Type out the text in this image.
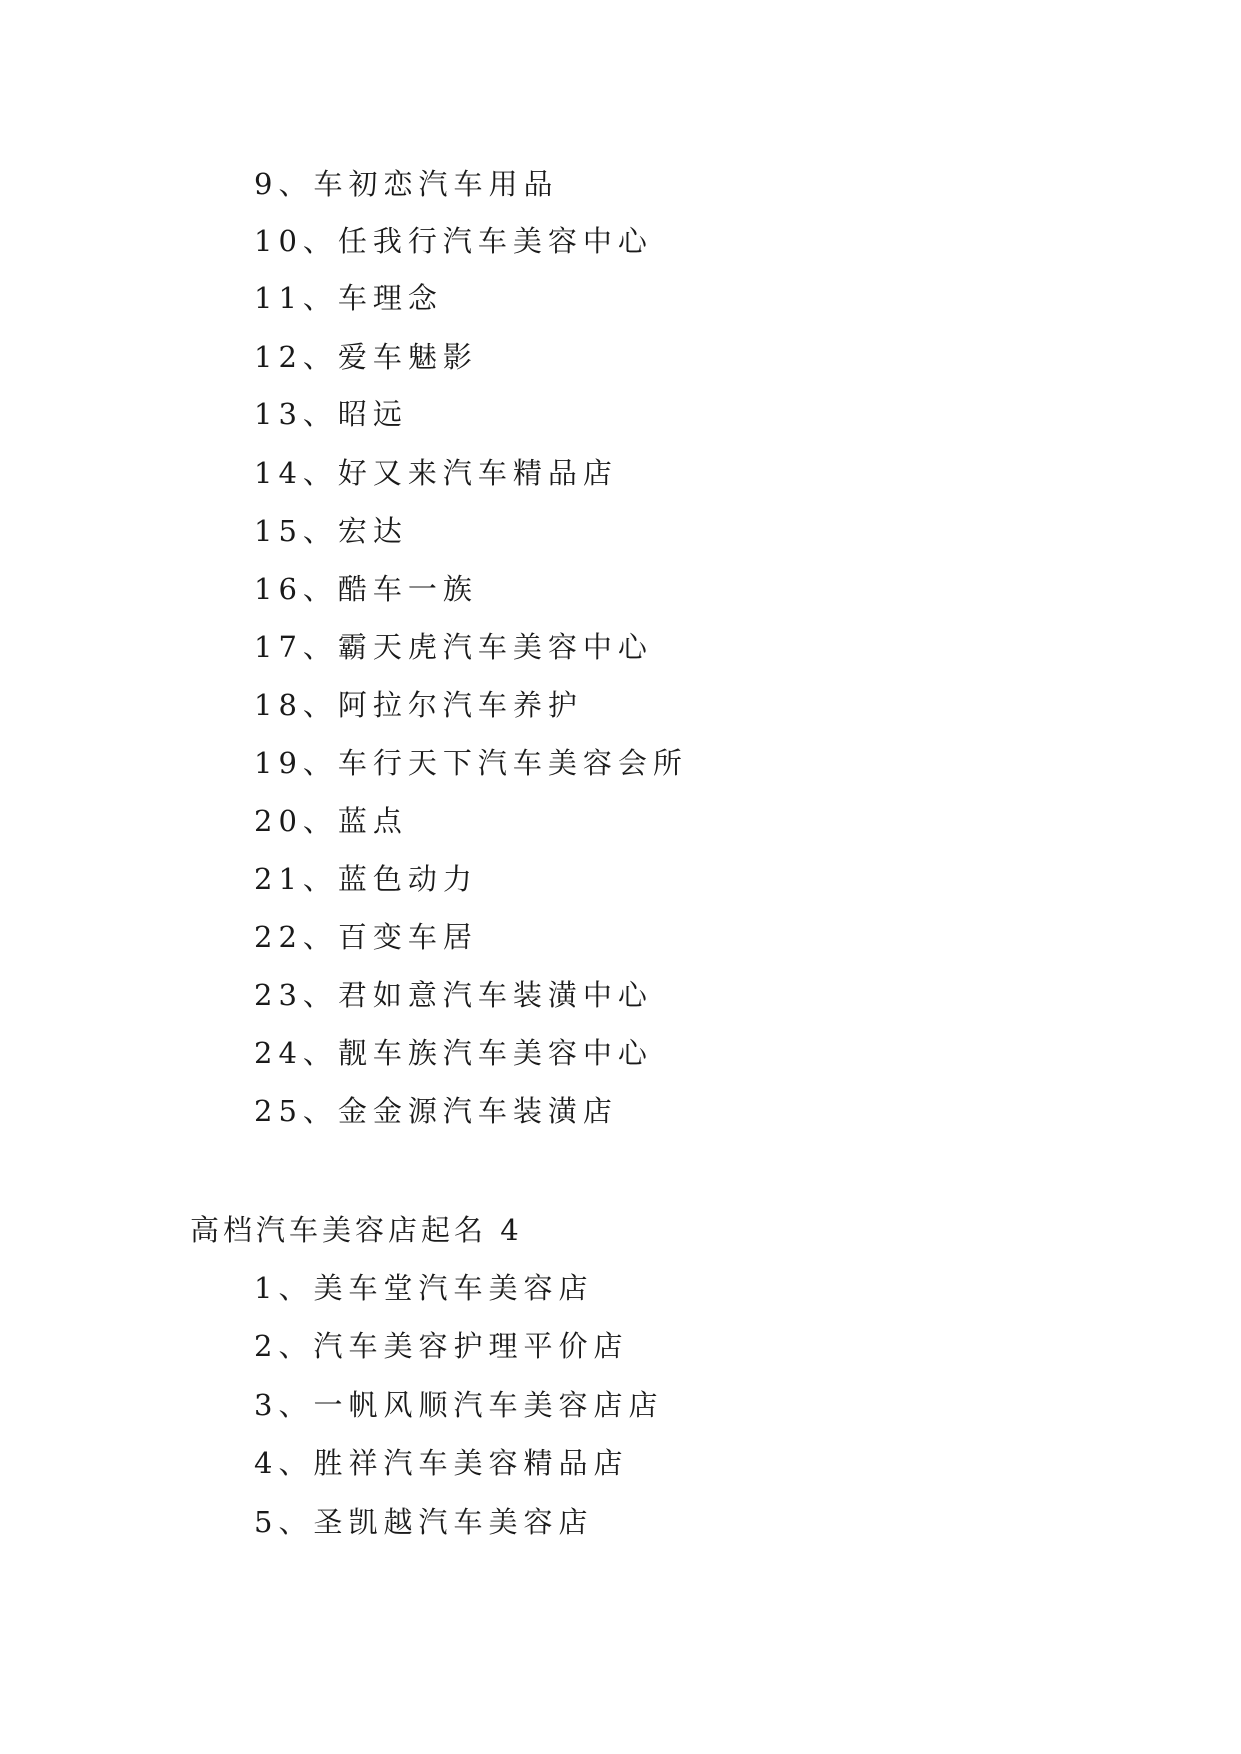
9、车初恋汽车用品
10、任我行汽车美容中心
11、车理念
12、爱车魅影
13、昭远
14、好又来汽车精品店
15、宏达
16、酷车一族
17、霸天虎汽车美容中心
18、阿拉尔汽车养护
19、车行天下汽车美容会所
20、蓝点
21、蓝色动力
22、百变车居
23、君如意汽车装潢中心
24、靓车族汽车美容中心
25、金金源汽车装潢店
高档汽车美容店起名 4
1、美车堂汽车美容店
2、汽车美容护理平价店
3、一帆风顺汽车美容店店
4、胜祥汽车美容精品店
5、圣凯越汽车美容店
